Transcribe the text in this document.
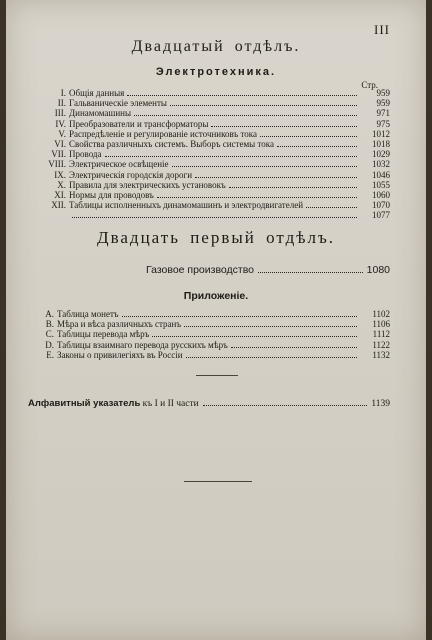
III
Двадцатый отдѣлъ.
Электротехника.
Стр.
I. Общія данныя	959
II. Гальваническіе элементы	959
III. Динамомашины	971
IV. Преобразователи и трансформаторы	975
V. Распредѣленіе и регулированіе источниковъ тока	1012
VI. Свойства различныхъ системъ. Выборъ системы тока	1018
VII. Провода	1029
VIII. Электрическое освѣщеніе	1032
IX. Электрическія городскія дороги	1046
X. Правила для электрическихъ установокъ	1055
XI. Нормы для проводовъ	1060
XII. Таблицы исполненныхъ динамомашинъ и электродвигателей	1070
1077
Двадцать первый отдѣлъ.
Газовое производство	1080
Приложеніе.
A. Таблица монетъ	1102
B. Мѣра и вѣса различныхъ странъ	1106
C. Таблицы перевода мѣръ	1112
D. Таблицы взаимнаго перевода русскихъ мѣръ	1122
E. Законы о привилегіяхъ въ Россіи	1132
Алфавитный указатель
къ I и II части	1139
